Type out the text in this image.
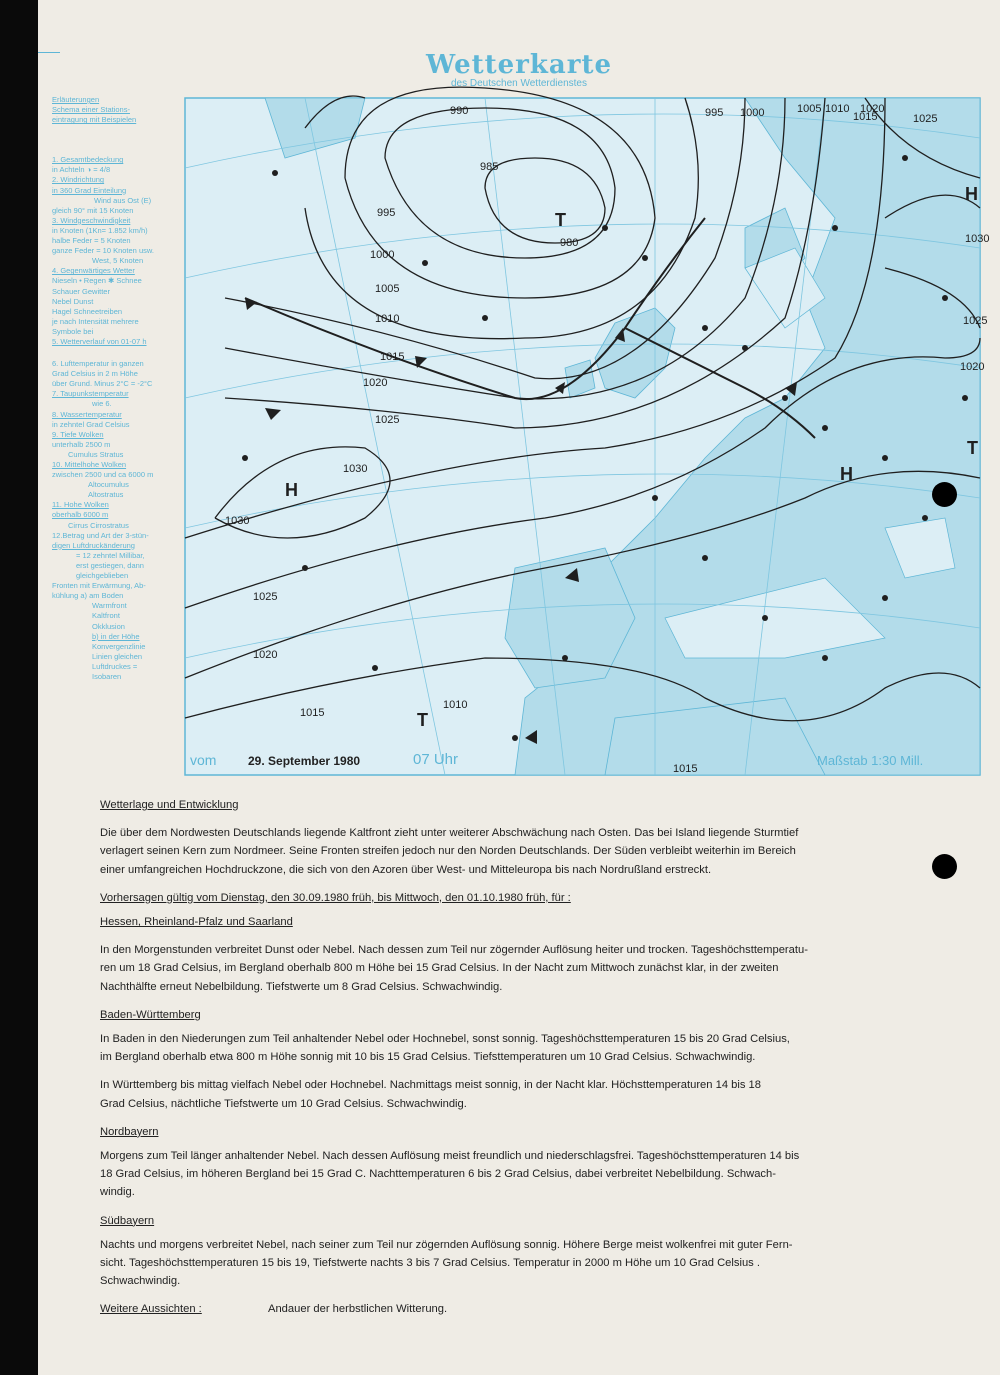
Wetterkarte
des Deutschen Wetterdienstes
Erläuterungen
Schema einer Stations-
eintragung mit Beispielen
1. Gesamtbedeckung
in Achteln ◑ = 4/8
2. Windrichtung
in 360 Grad Einteilung
Wind aus Ost (E)
gleich 90° mit 15 Knoten
3. Windgeschwindigkeit
in Knoten (1Kn= 1.852 km/h)
halbe Feder = 5 Knoten
ganze Feder = 10 Knoten usw.
West, 5 Knoten
4. Gegenwärtiges Wetter
Nieseln • Regen ✱ Schnee
Schauer Gewitter
Nebel Dunst
Hagel Schneetreiben
je nach Intensität mehrere
Symbole bei
5. Wetterverlauf von 01-07 h
6. Lufttemperatur in ganzen
Grad Celsius in 2 m Höhe
über Grund. Minus 2°C = -2°C
7. Taupunkstemperatur
wie 6.
8. Wassertemperatur
in zehntel Grad Celsius
9. Tiefe Wolken
unterhalb 2500 m
Cumulus Stratus
10. Mittelhohe Wolken
zwischen 2500 und ca 6000 m
Altocumulus
Altostratus
11. Hohe Wolken
oberhalb 6000 m
Cirrus Cirrostratus
12.Betrag und Art der 3-stün-
digen Luftdruckänderung
= 12 zehntel Millibar,
erst gestiegen, dann
gleichgeblieben
Fronten mit Erwärmung, Ab-
kühlung a) am Boden
Warmfront
Kaltfront
Okklusion
b) in der Höhe
Konvergenzlinie
Linien gleichen
Luftdruckes =
Isobaren
990	995 1000	1005 1010
1015
1020
1025
1030
985
980
995
1000
1005
1010
1015
1020
1025
1030
1025
1020
1015
1010
1015
1025
1030
1020
H
H
H
T
T
T
vom	29. September 1980	07 Uhr	Maßstab 1:30 Mill.

Wetterlage und Entwicklung

Die über dem Nordwesten Deutschlands liegende Kaltfront zieht unter weiterer Abschwächung nach Osten. Das bei Island liegende Sturmtief

verlagert seinen Kern zum Nordmeer. Seine Fronten streifen jedoch nur den Norden Deutschlands. Der Süden verbleibt weiterhin im Bereich

einer umfangreichen Hochdruckzone, die sich von den Azoren über West- und Mitteleuropa bis nach Nordrußland erstreckt.

Vorhersagen gültig vom Dienstag, den 30.09.1980 früh, bis Mittwoch, den 01.10.1980 früh, für :

Hessen, Rheinland-Pfalz und Saarland

In den Morgenstunden verbreitet Dunst oder Nebel. Nach dessen zum Teil nur zögernder Auflösung heiter und trocken. Tageshöchsttemperatu-

ren um 18 Grad Celsius, im Bergland oberhalb 800 m Höhe bei 15 Grad Celsius. In der Nacht zum Mittwoch zunächst klar, in der zweiten

Nachthälfte erneut Nebelbildung. Tiefstwerte um 8 Grad Celsius. Schwachwindig.

Baden-Württemberg

In Baden in den Niederungen zum Teil anhaltender Nebel oder Hochnebel, sonst sonnig. Tageshöchsttemperaturen 15 bis 20 Grad Celsius,

im Bergland oberhalb etwa 800 m Höhe sonnig mit 10 bis 15 Grad Celsius. Tiefsttemperaturen um 10 Grad Celsius. Schwachwindig.

In Württemberg bis mittag vielfach Nebel oder Hochnebel. Nachmittags meist sonnig, in der Nacht klar. Höchsttemperaturen 14 bis 18

Grad Celsius, nächtliche Tiefstwerte um 10 Grad Celsius. Schwachwindig.

Nordbayern

Morgens zum Teil länger anhaltender Nebel. Nach dessen Auflösung meist freundlich und niederschlagsfrei. Tageshöchsttemperaturen 14 bis

18 Grad Celsius, im höheren Bergland bei 15 Grad C. Nachttemperaturen 6 bis 2 Grad Celsius, dabei verbreitet Nebelbildung. Schwach-

windig.

Südbayern

Nachts und morgens verbreitet Nebel, nach seiner zum Teil nur zögernden Auflösung sonnig. Höhere Berge meist wolkenfrei mit guter Fern-

sicht. Tageshöchsttemperaturen 15 bis 19, Tiefstwerte nachts 3 bis 7 Grad Celsius. Temperatur in 2000 m Höhe um 10 Grad Celsius .

Schwachwindig.

Weitere Aussichten :	Andauer der herbstlichen Witterung.
